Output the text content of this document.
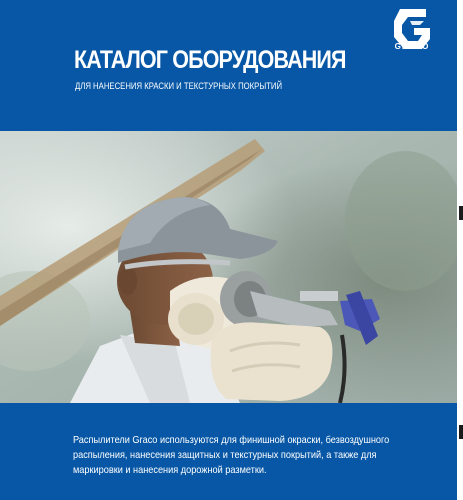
GRACO
КАТАЛОГ ОБОРУДОВАНИЯ
ДЛЯ НАНЕСЕНИЯ КРАСКИ И ТЕКСТУРНЫХ ПОКРЫТИЙ
Распылители Graco используются для финишной окраски, безвоздушного распыления, нанесения защитных и текстурных покрытий, а также для маркировки и нанесения дорожной разметки.
